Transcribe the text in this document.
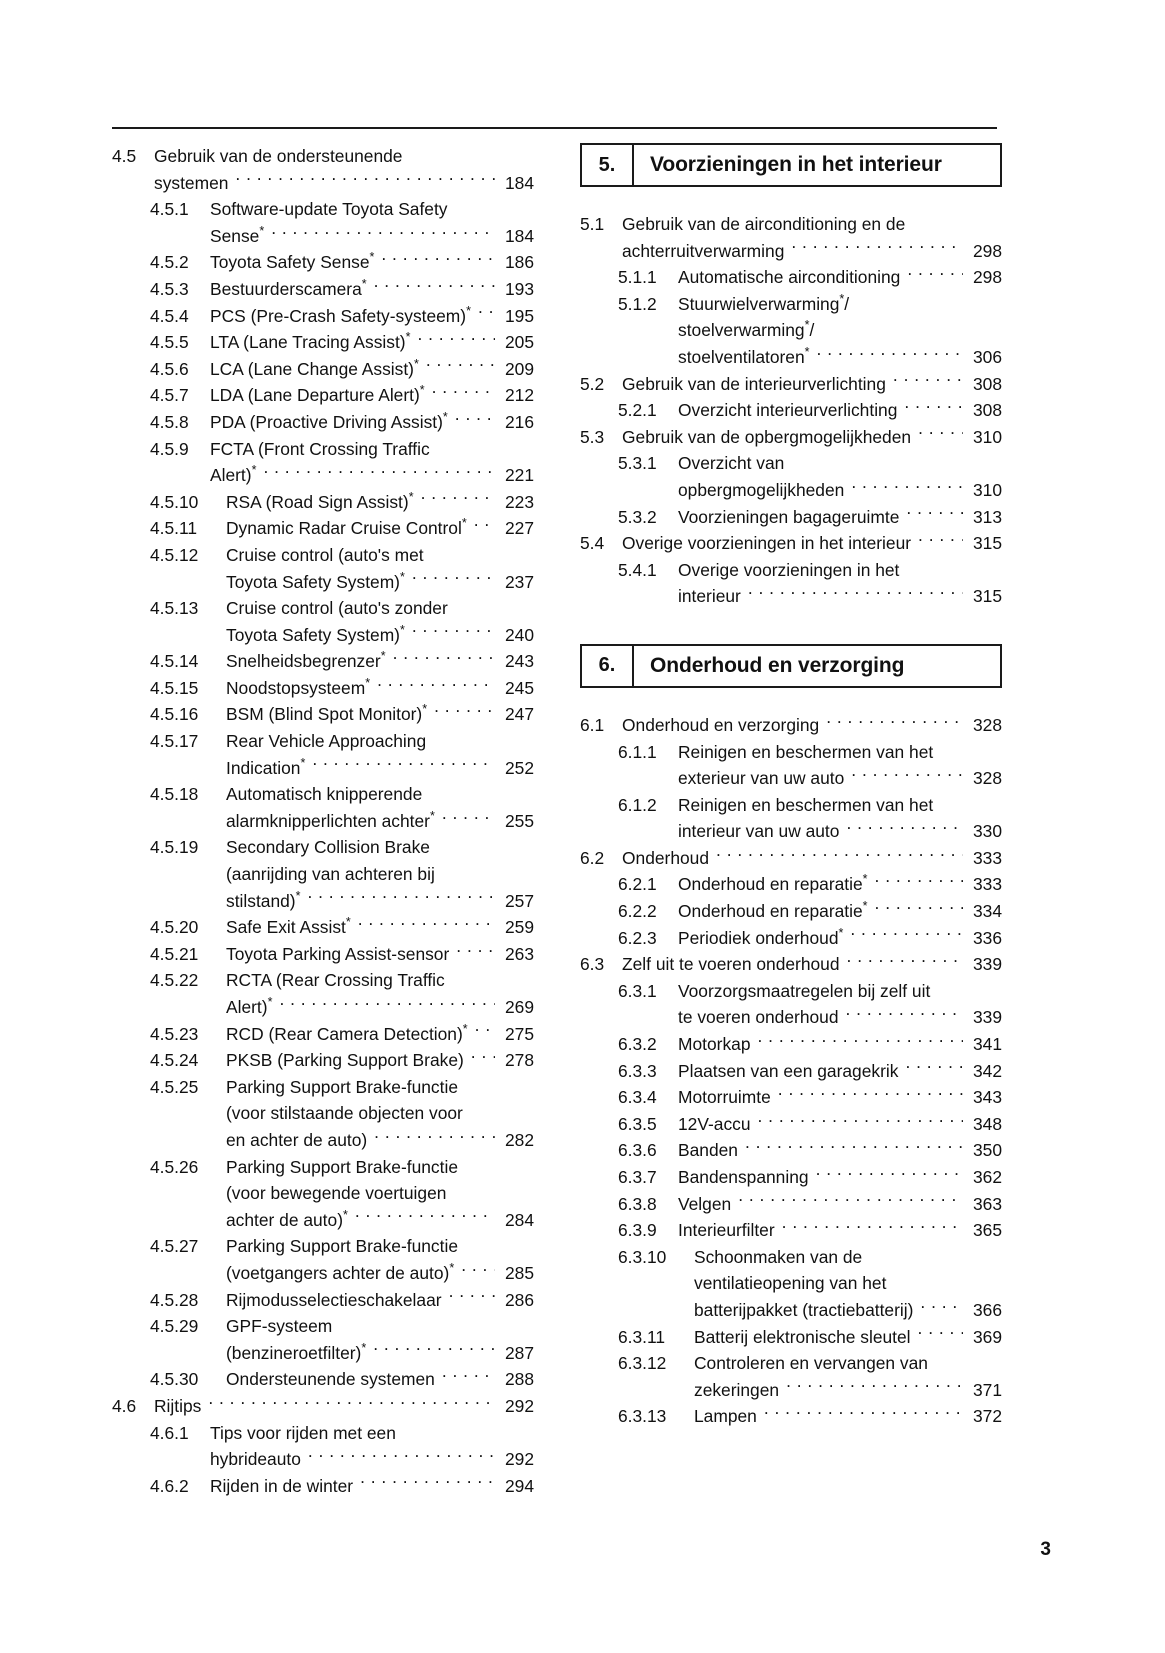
4.5	Gebruik van de ondersteunende
systemen . . .	184
4.5.1	Software-update Toyota Safety
Sense* . . .	184
4.5.2	Toyota Safety Sense* . . .	186
4.5.3	Bestuurderscamera* . . .	193
4.5.4	PCS (Pre-Crash Safety-systeem)* . . . 195
4.5.5	LTA (Lane Tracing Assist)* . . .	205
4.5.6	LCA (Lane Change Assist)* . . .	209
4.5.7	LDA (Lane Departure Alert)* . . .	212
4.5.8	PDA (Proactive Driving Assist)* . . .	216
4.5.9	FCTA (Front Crossing Traffic
Alert)* . . .	221
4.5.10	RSA (Road Sign Assist)* . . .	223
4.5.11	Dynamic Radar Cruise Control* . . . 227
4.5.12	Cruise control (auto's met
Toyota Safety System)* . . .	237
4.5.13	Cruise control (auto's zonder
Toyota Safety System)* . . .	240
4.5.14	Snelheidsbegrenzer* . . .	243
4.5.15	Noodstopsysteem* . . .	245
4.5.16	BSM (Blind Spot Monitor)* . . .	247
4.5.17	Rear Vehicle Approaching
Indication* . . .	252
4.5.18	Automatisch knipperende
alarmknipperlichten achter* . . .	255
4.5.19	Secondary Collision Brake
(aanrijding van achteren bij
stilstand)* . . .	257
4.5.20	Safe Exit Assist* . . .	259
4.5.21	Toyota Parking Assist-sensor . . .	263
4.5.22	RCTA (Rear Crossing Traffic
Alert)* . . .	269
4.5.23	RCD (Rear Camera Detection)* . . . 275
4.5.24	PKSB (Parking Support Brake) . . . 278
4.5.25	Parking Support Brake-functie
(voor stilstaande objecten voor
en achter de auto) . . .	282
4.5.26	Parking Support Brake-functie
(voor bewegende voertuigen
achter de auto)* . . .	284
4.5.27	Parking Support Brake-functie
(voetgangers achter de auto)* . . .	285
4.5.28	Rijmodusselectieschakelaar . . .	286
4.5.29	GPF-systeem
(benzineroetfilter)* . . .	287
4.5.30	Ondersteunende systemen . . .	288
4.6	Rijtips . . .	292
4.6.1	Tips voor rijden met een
hybrideauto . . .	292
4.6.2	Rijden in de winter . . .	294
5.	Voorzieningen in het interieur
5.1	Gebruik van de airconditioning en de
achterruitverwarming . . .	298
5.1.1	Automatische airconditioning . . .	298
5.1.2	Stuurwielverwarming*/
stoelverwarming*/
stoelventilatoren* . . .	306
5.2	Gebruik van de interieurverlichting . . .	308
5.2.1	Overzicht interieurverlichting . . .	308
5.3	Gebruik van de opbergmogelijkheden . . .	310
5.3.1	Overzicht van
opbergmogelijkheden . . .	310
5.3.2	Voorzieningen bagageruimte . . .	313
5.4	Overige voorzieningen in het interieur . . .	315
5.4.1	Overige voorzieningen in het
interieur . . .	315
6.	Onderhoud en verzorging
6.1	Onderhoud en verzorging . . .	328
6.1.1	Reinigen en beschermen van het
exterieur van uw auto . . .	328
6.1.2	Reinigen en beschermen van het
interieur van uw auto . . .	330
6.2	Onderhoud . . .	333
6.2.1	Onderhoud en reparatie* . . .	333
6.2.2	Onderhoud en reparatie* . . .	334
6.2.3	Periodiek onderhoud* . . .	336
6.3	Zelf uit te voeren onderhoud . . .	339
6.3.1	Voorzorgsmaatregelen bij zelf uit
te voeren onderhoud . . .	339
6.3.2	Motorkap . . .	341
6.3.3	Plaatsen van een garagekrik . . .	342
6.3.4	Motorruimte . . .	343
6.3.5	12V-accu . . .	348
6.3.6	Banden . . .	350
6.3.7	Bandenspanning . . .	362
6.3.8	Velgen . . .	363
6.3.9	Interieurfilter . . .	365
6.3.10	Schoonmaken van de
ventilatieopening van het
batterijpakket (tractiebatterij) . . .	366
6.3.11	Batterij elektronische sleutel . . .	369
6.3.12	Controleren en vervangen van
zekeringen . . .	371
6.3.13	Lampen . . .	372
3
